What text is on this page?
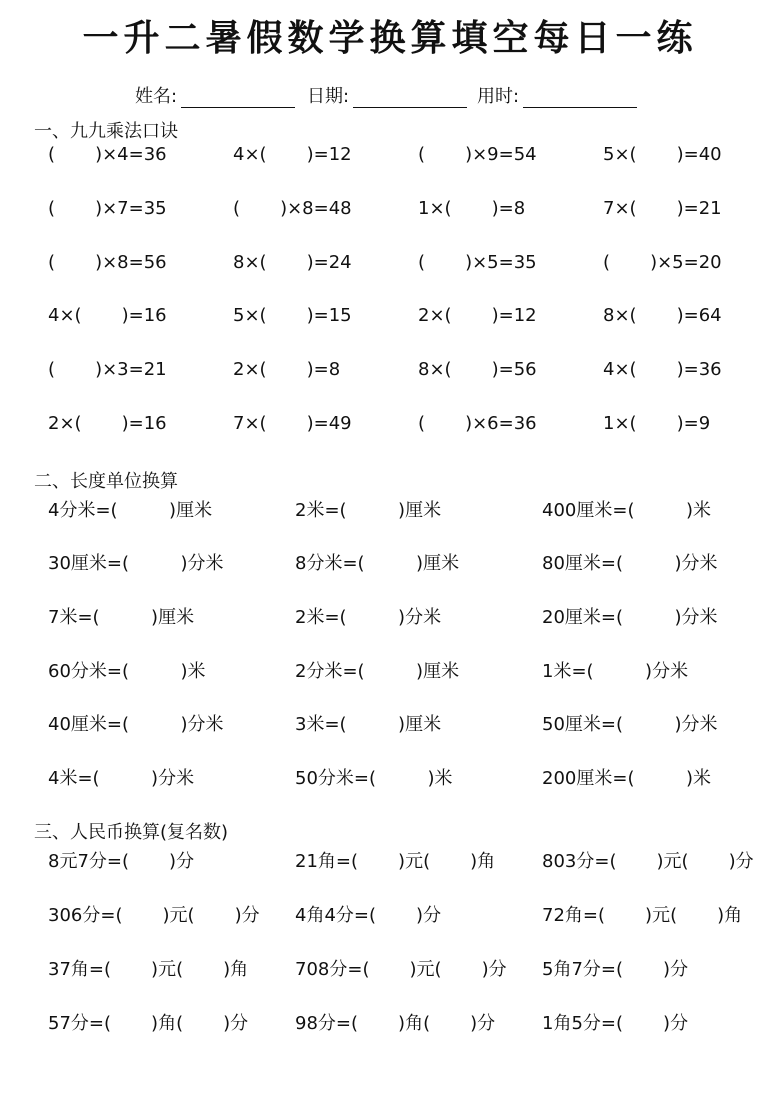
一升二暑假数学换算填空每日一练
姓名:	日期:	用时:
一、九九乘法口诀
(       )×4=36	4×(       )=12	(       )×9=54	5×(       )=40
(       )×7=35	(       )×8=48	1×(       )=8	7×(       )=21
(       )×8=56	8×(       )=24	(       )×5=35	(       )×5=20
4×(       )=16	5×(       )=15	2×(       )=12	8×(       )=64
(       )×3=21	2×(       )=8	8×(       )=56	4×(       )=36
2×(       )=16	7×(       )=49	(       )×6=36	1×(       )=9
二、长度单位换算
4分米=(         )厘米	2米=(         )厘米	400厘米=(         )米
30厘米=(         )分米	8分米=(         )厘米	80厘米=(         )分米
7米=(         )厘米	2米=(         )分米	20厘米=(         )分米
60分米=(         )米	2分米=(         )厘米	1米=(         )分米
40厘米=(         )分米	3米=(         )厘米	50厘米=(         )分米
4米=(         )分米	50分米=(         )米	200厘米=(         )米
三、人民币换算(复名数)
8元7分=(       )分	21角=(       )元(       )角	803分=(       )元(       )分
306分=(       )元(       )分 4角4分=(       )分	72角=(       )元(       )角
37角=(       )元(       )角	708分=(       )元(       )分 5角7分=(       )分
57分=(       )角(       )分	98分=(       )角(       )分	1角5分=(       )分
